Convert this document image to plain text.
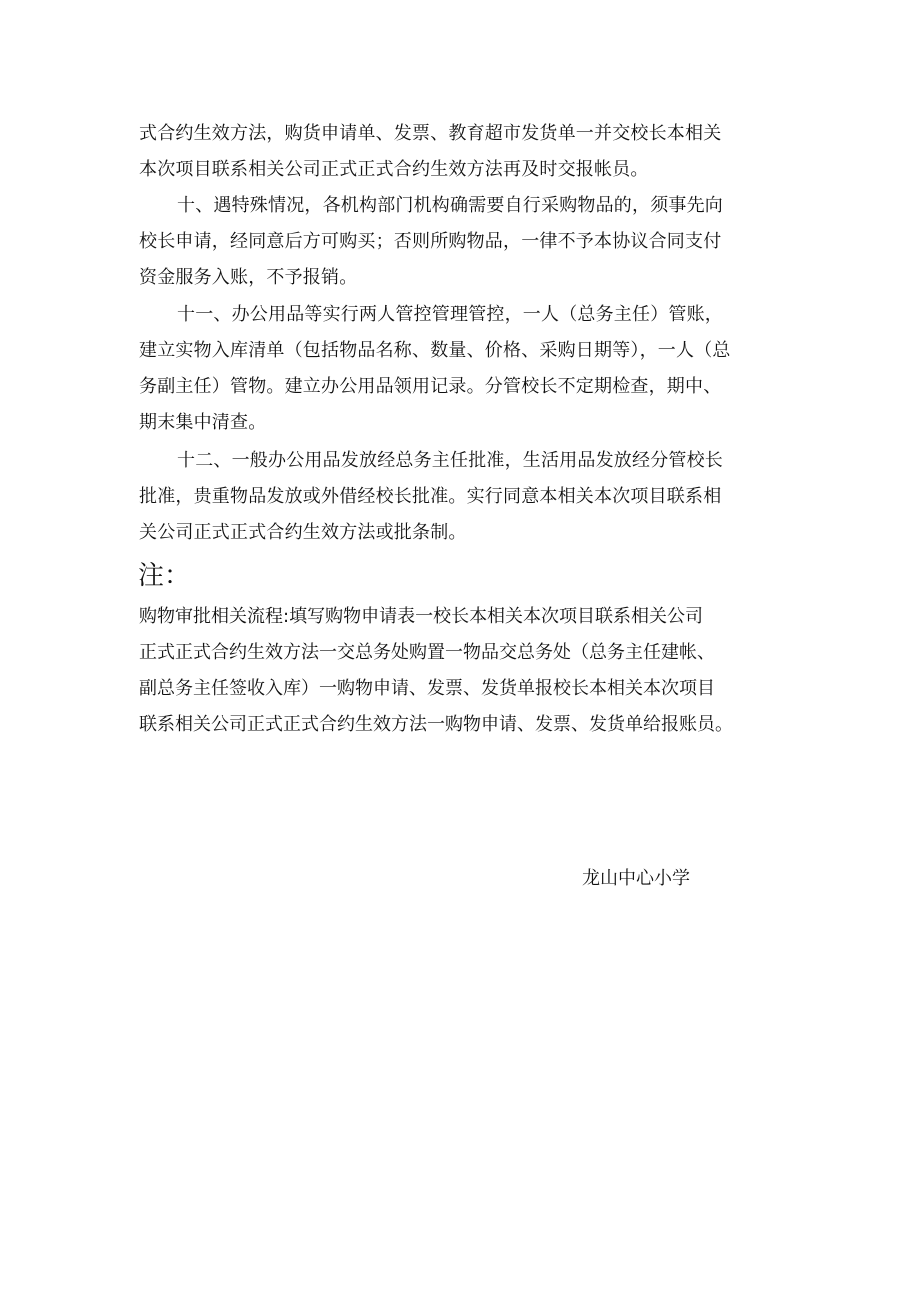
式合约生效方法，购货申请单、发票、教育超市发货单一并交校长本相关
本次项目联系相关公司正式正式合约生效方法再及时交报帐员。
十、遇特殊情况，各机构部门机构确需要自行采购物品的，须事先向
校长申请，经同意后方可购买；否则所购物品，一律不予本协议合同支付
资金服务入账，不予报销。
十一、办公用品等实行两人管控管理管控，一人（总务主任）管账，
建立实物入库清单（包括物品名称、数量、价格、采购日期等），一人（总
务副主任）管物。建立办公用品领用记录。分管校长不定期检查，期中、
期末集中清查。
十二、一般办公用品发放经总务主任批准，生活用品发放经分管校长
批准，贵重物品发放或外借经校长批准。实行同意本相关本次项目联系相
关公司正式正式合约生效方法或批条制。
注：
购物审批相关流程:填写购物申请表一校长本相关本次项目联系相关公司
正式正式合约生效方法一交总务处购置一物品交总务处（总务主任建帐、
副总务主任签收入库）一购物申请、发票、发货单报校长本相关本次项目
联系相关公司正式正式合约生效方法一购物申请、发票、发货单给报账员。
龙山中心小学
